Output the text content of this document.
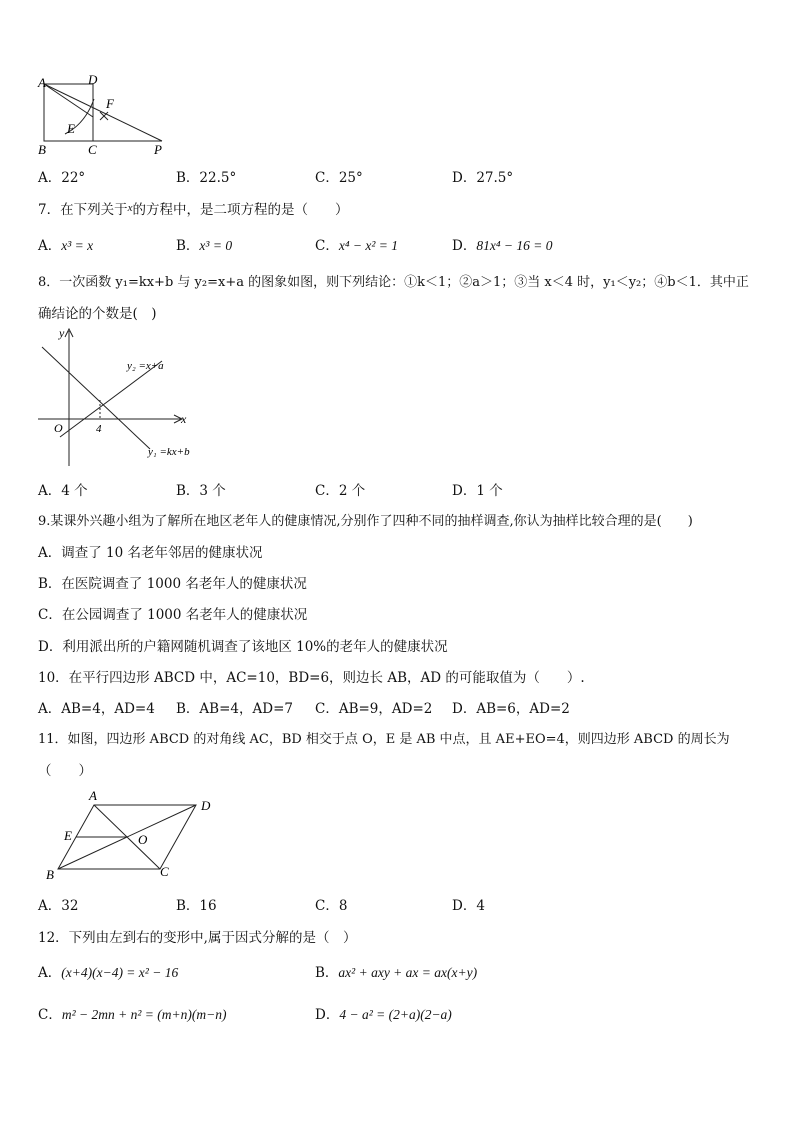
A	D
F
E
B	C	P
A．22°	B．22.5°	C．25°	D．27.5°
7．在下列关于$^x$的方程中，是二项方程的是（　　）
A．x³ = x	B．x³ = 0	C．x⁴ − x² = 1	D．81x⁴ − 16 = 0
8．一次函数 y₁=kx+b 与 y₂=x+a 的图象如图，则下列结论：①k＜1；②a＞1；③当 x＜4 时，y₁＜y₂；④b＜1．其中正
确结论的个数是(　)
y
x
O	4
y₂ =x+a
y₁ =kx+b
A．4 个	B．3 个	C．2 个	D．1 个
9.某课外兴趣小组为了解所在地区老年人的健康情况,分别作了四种不同的抽样调查,你认为抽样比较合理的是(　　)
A．调查了 10 名老年邻居的健康状况
B．在医院调查了 1000 名老年人的健康状况
C．在公园调查了 1000 名老年人的健康状况
D．利用派出所的户籍网随机调查了该地区 10%的老年人的健康状况
10．在平行四边形 ABCD 中，AC=10，BD=6，则边长 AB，AD 的可能取值为（　　）.
A．AB=4，AD=4 B．AB=4，AD=7 C．AB=9，AD=2 D．AB=6，AD=2
11．如图，四边形 ABCD 的对角线 AC，BD 相交于点 O，E 是 AB 中点，且 AE+EO=4，则四边形 ABCD 的周长为
（　　）
A
D
E	O
B	C
A．32	B．16	C．8	D．4
12．下列由左到右的变形中,属于因式分解的是（　）
A．(x+4)(x−4) = x² − 16	B．ax² + axy + ax = ax(x+y)
C．m² − 2mn + n² = (m+n)(m−n)	D．4 − a² = (2+a)(2−a)
